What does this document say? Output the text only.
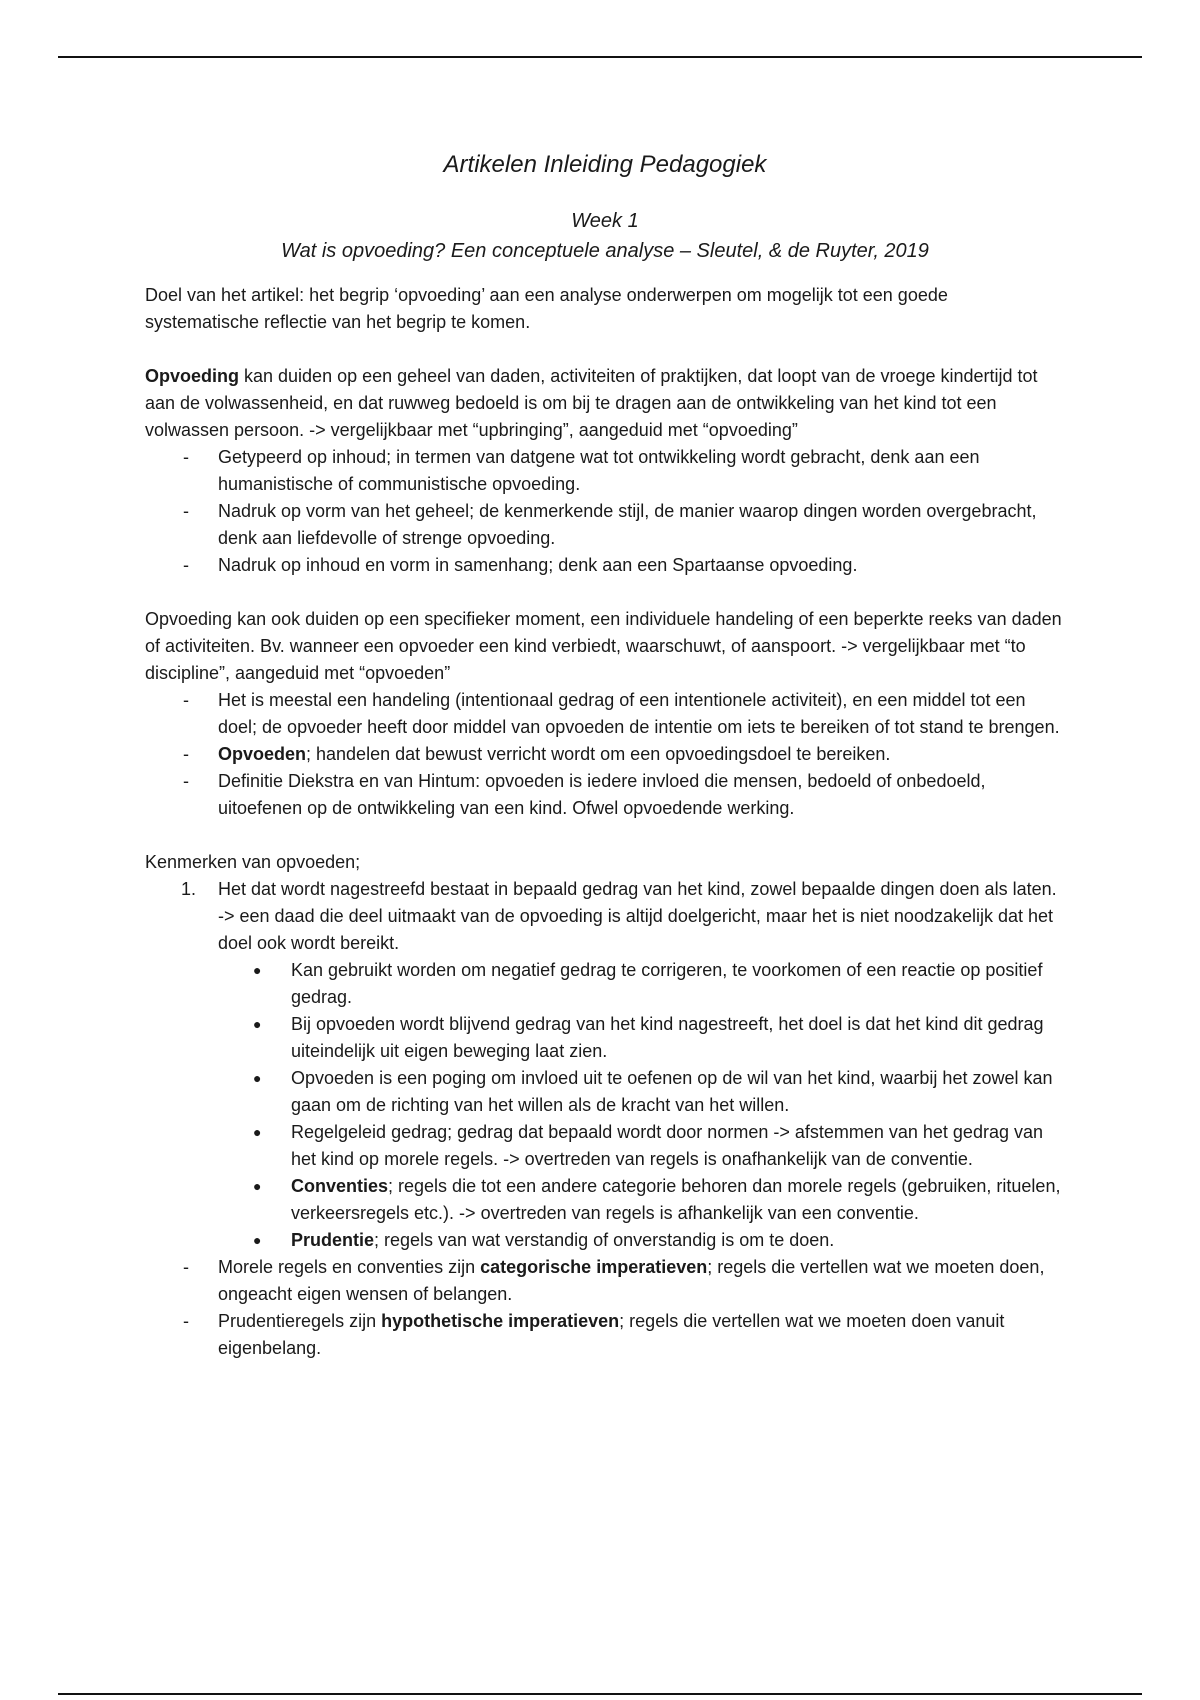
Artikelen Inleiding Pedagogiek
Week 1
Wat is opvoeding? Een conceptuele analyse – Sleutel, & de Ruyter, 2019

Doel van het artikel: het begrip ‘opvoeding’ aan een analyse onderwerpen om mogelijk tot een goede systematische reflectie van het begrip te komen.

Opvoeding kan duiden op een geheel van daden, activiteiten of praktijken, dat loopt van de vroege kindertijd tot aan de volwassenheid, en dat ruwweg bedoeld is om bij te dragen aan de ontwikkeling van het kind tot een volwassen persoon. -> vergelijkbaar met “upbringing”, aangeduid met “opvoeding”

- Getypeerd op inhoud; in termen van datgene wat tot ontwikkeling wordt gebracht, denk aan een humanistische of communistische opvoeding.
- Nadruk op vorm van het geheel; de kenmerkende stijl, de manier waarop dingen worden overgebracht, denk aan liefdevolle of strenge opvoeding.
- Nadruk op inhoud en vorm in samenhang; denk aan een Spartaanse opvoeding.

Opvoeding kan ook duiden op een specifieker moment, een individuele handeling of een beperkte reeks van daden of activiteiten. Bv. wanneer een opvoeder een kind verbiedt, waarschuwt, of aanspoort. -> vergelijkbaar met “to discipline”, aangeduid met “opvoeden”

- Het is meestal een handeling (intentionaal gedrag of een intentionele activiteit), en een middel tot een doel; de opvoeder heeft door middel van opvoeden de intentie om iets te bereiken of tot stand te brengen.
- Opvoeden; handelen dat bewust verricht wordt om een opvoedingsdoel te bereiken.
- Definitie Diekstra en van Hintum: opvoeden is iedere invloed die mensen, bedoeld of onbedoeld, uitoefenen op de ontwikkeling van een kind. Ofwel opvoedende werking.

Kenmerken van opvoeden;

1. Het dat wordt nagestreefd bestaat in bepaald gedrag van het kind, zowel bepaalde dingen doen als laten. -> een daad die deel uitmaakt van de opvoeding is altijd doelgericht, maar het is niet noodzakelijk dat het doel ook wordt bereikt.
● Kan gebruikt worden om negatief gedrag te corrigeren, te voorkomen of een reactie op positief gedrag.
● Bij opvoeden wordt blijvend gedrag van het kind nagestreeft, het doel is dat het kind dit gedrag uiteindelijk uit eigen beweging laat zien.
● Opvoeden is een poging om invloed uit te oefenen op de wil van het kind, waarbij het zowel kan gaan om de richting van het willen als de kracht van het willen.
● Regelgeleid gedrag; gedrag dat bepaald wordt door normen -> afstemmen van het gedrag van het kind op morele regels. -> overtreden van regels is onafhankelijk van de conventie.
● Conventies; regels die tot een andere categorie behoren dan morele regels (gebruiken, rituelen, verkeersregels etc.). -> overtreden van regels is afhankelijk van een conventie.
● Prudentie; regels van wat verstandig of onverstandig is om te doen.
- Morele regels en conventies zijn categorische imperatieven; regels die vertellen wat we moeten doen, ongeacht eigen wensen of belangen.
- Prudentieregels zijn hypothetische imperatieven; regels die vertellen wat we moeten doen vanuit eigenbelang.
